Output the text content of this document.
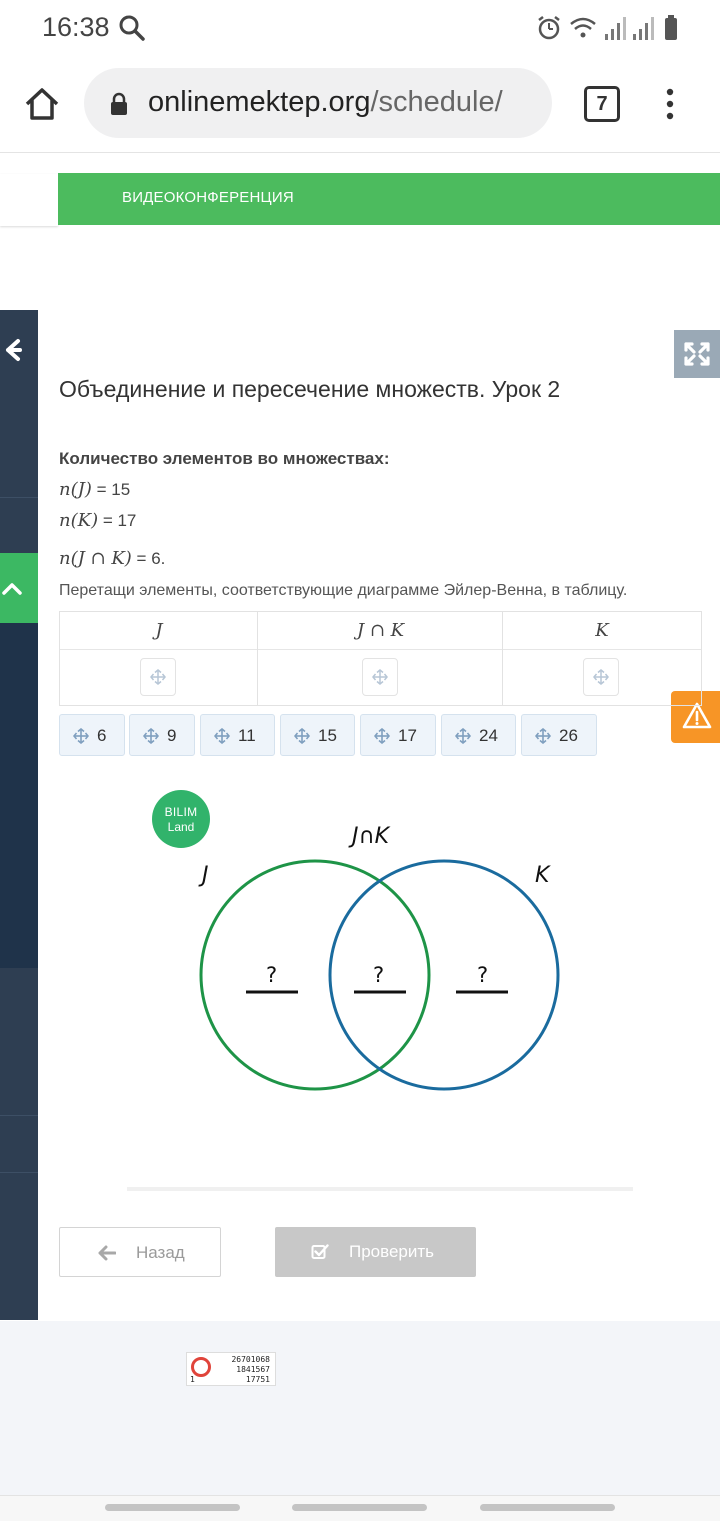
16:38
onlinemektep.org/schedule/	7
ВИДЕОКОНФЕРЕНЦИЯ
Объединение и пересечение множеств. Урок 2
Количество элементов во множествах:
n(J) = 15
n(K) = 17
n(J ∩ K) = 6.
Перетащи элементы, соответствующие диаграмме Эйлер-Венна, в таблицу.
J	J ∩ K	K
6	9	11	15	17	24	26
BILIM
Land
J
J∩K
K
?	?	?
Назад	Проверить
26701068
1841567
17751
1
